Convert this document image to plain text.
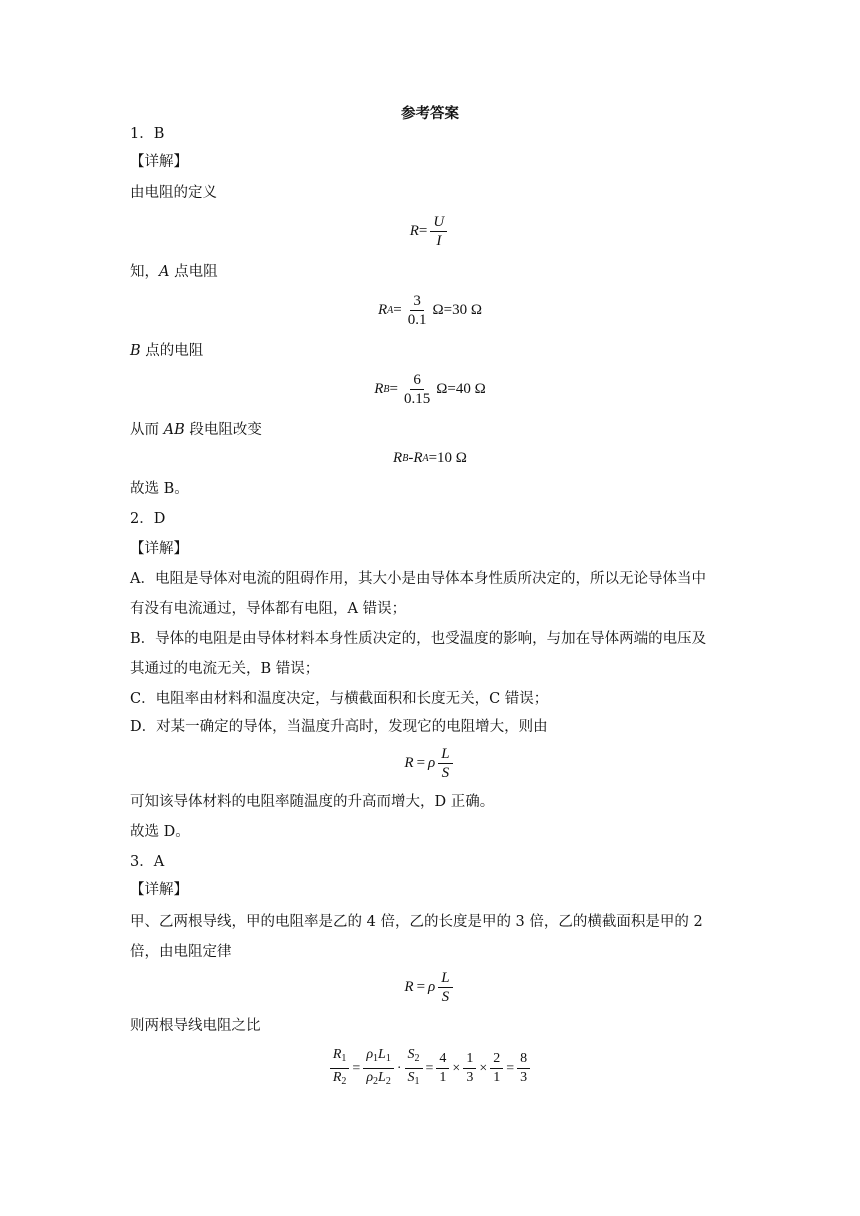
参考答案
1．B
【详解】
由电阻的定义
$R = \frac{U}{I}$
知，A 点电阻
R $A = \frac{3}{0.1} \Omega=30$ Ω
B 点的电阻
R $B = \frac{6}{0.15} \Omega=40$ Ω
从而 AB 段电阻改变
R B - R A =10 Ω
故选 B。
2．D
【详解】
A．电阻是导体对电流的阻碍作用，其大小是由导体本身性质所决定的，所以无论导体当中
有没有电流通过，导体都有电阻，A 错误；
B．导体的电阻是由导体材料本身性质决定的，也受温度的影响，与加在导体两端的电压及
其通过的电流无关，B 错误；
C．电阻率由材料和温度决定，与横截面积和长度无关，C 错误；
D．对某一确定的导体，当温度升高时，发现它的电阻增大，则由
R = ρ $\frac{L}{S}$
可知该导体材料的电阻率随温度的升高而增大，D 正确。
故选 D。
3．A
【详解】
甲、乙两根导线，甲的电阻率是乙的 4 倍，乙的长度是甲的 3 倍，乙的横截面积是甲的 2
倍，由电阻定律
R = ρ $\frac{L}{S}$
则两根导线电阻之比
$\frac{R_1}{R_2} = \frac{\rho_1L_1}{\rho_2L_2} \cdot \frac{S_2}{S_1} = \frac{4}{1} \times \frac{1}{3} \times \frac{2}{1} = \frac{8}{3}$
